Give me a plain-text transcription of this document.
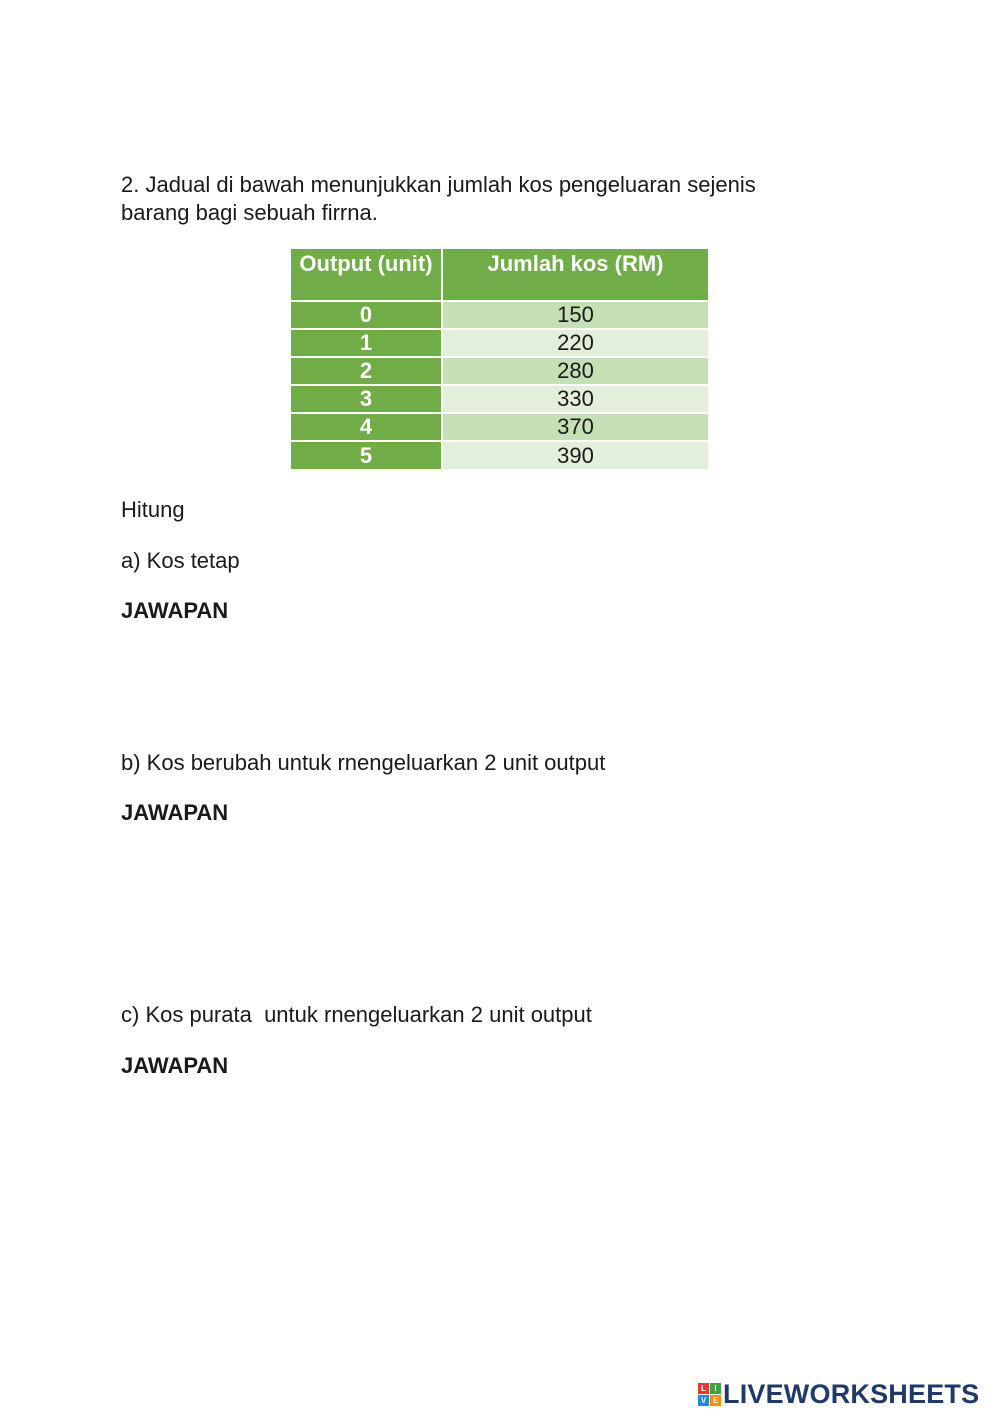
2. Jadual di bawah menunjukkan jumlah kos pengeluaran sejenis
barang bagi sebuah firrna.

Output (unit)	Jumlah kos (RM)
0	150
1	220
2	280
3	330
4	370
5	390

Hitung

a) Kos tetap

JAWAPAN

b) Kos berubah untuk rnengeluarkan 2 unit output

JAWAPAN

c) Kos purata  untuk rnengeluarkan 2 unit output

JAWAPAN

L	I
V E LIVEWORKSHEETS
